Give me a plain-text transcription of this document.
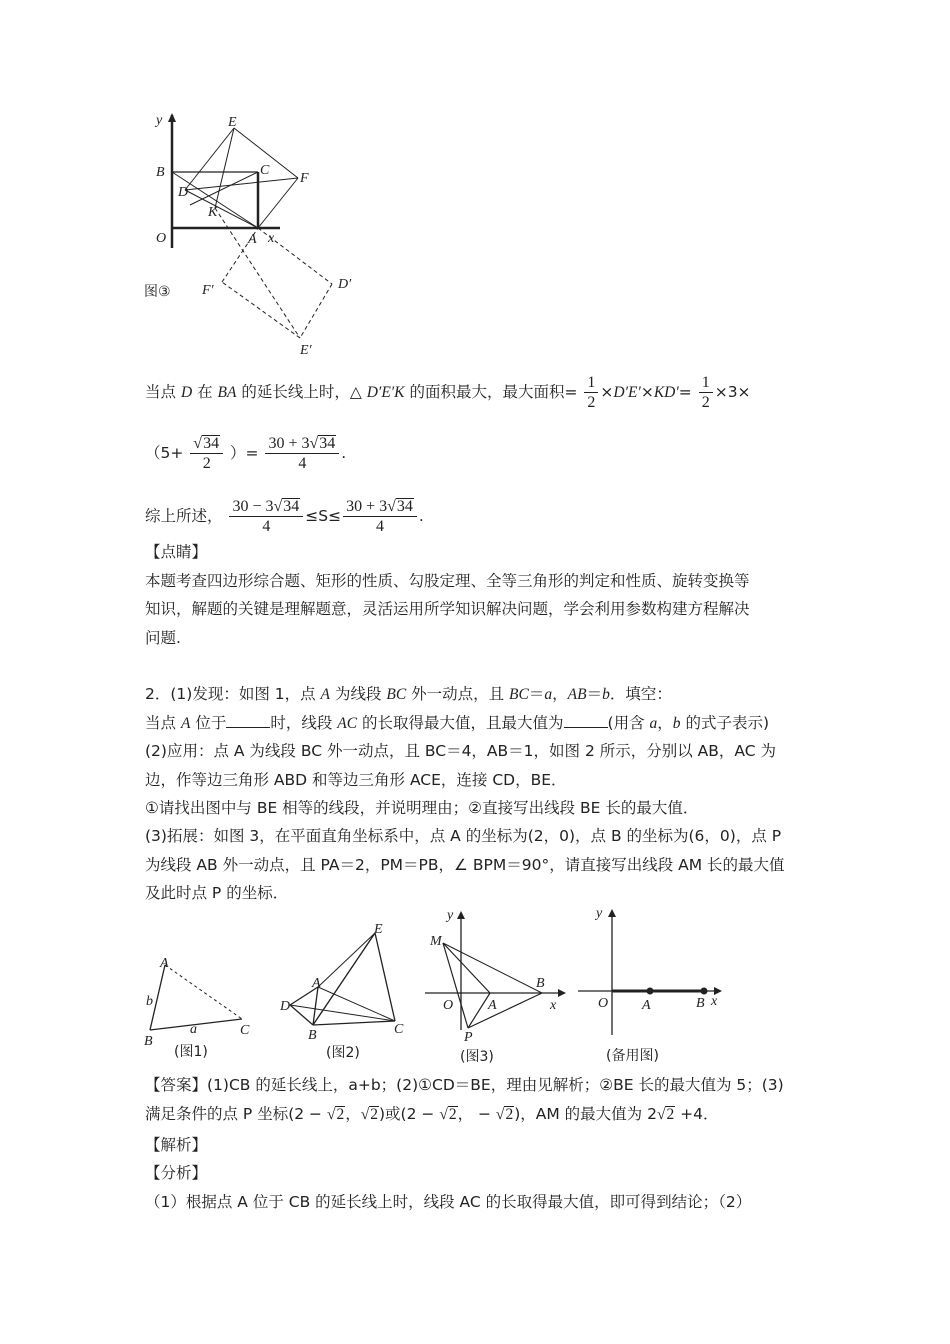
y	E
B	C
F
D
K
O	A x
D′
F′
E′
图③
当点 D 在 BA 的延长线上时，△ D′E′K 的面积最大，最大面积= $\frac{1}{2} \times D'E'\times KD'= \frac{1}{2} \times 3\times$
（$5+ \frac{√34}{2}$ ）= $\frac{30 + 3√34}{4}$ .
综上所述， $\frac{30 - 3√34}{4} \le S\le \frac{30 + 3√34}{4}$ .
【点睛】
本题考查四边形综合题、矩形的性质、勾股定理、全等三角形的判定和性质、旋转变换等
知识，解题的关键是理解题意，灵活运用所学知识解决问题，学会利用参数构建方程解决
问题.
2．(1)发现：如图 1，点 A 为线段 BC 外一动点，且 BC＝a，AB＝b．填空：
当点 A 位于	时，线段 AC 的长取得最大值，且最大值为	(用含 a，b 的式子表示)
(2)应用：点 A 为线段 BC 外一动点，且 BC＝4，AB＝1，如图 2 所示，分别以 AB，AC 为
边，作等边三角形 ABD 和等边三角形 ACE，连接 CD，BE．
①请找出图中与 BE 相等的线段，并说明理由；②直接写出线段 BE 长的最大值．
(3)拓展：如图 3，在平面直角坐标系中，点 A 的坐标为(2，0)，点 B 的坐标为(6，0)，点 P
为线段 AB 外一动点，且 PA＝2，PM＝PB，∠ BPM＝90°，请直接写出线段 AM 长的最大值
及此时点 P 的坐标．
A
b
B
a	C
(图1)
E
A
D
B	C
(图2)
y
M
O A
B
x
P
(图3)
y
O A	B x
(备用图)
【答案】(1)CB 的延长线上，a+b；(2)①CD＝BE，理由见解析；②BE 长的最大值为 5；(3)
满足条件的点 P 坐标(2 − √2，√2)或(2 − √2， − √2)，AM 的最大值为 2√2 +4．
【解析】
【分析】
（1）根据点 A 位于 CB 的延长线上时，线段 AC 的长取得最大值，即可得到结论；（2）
